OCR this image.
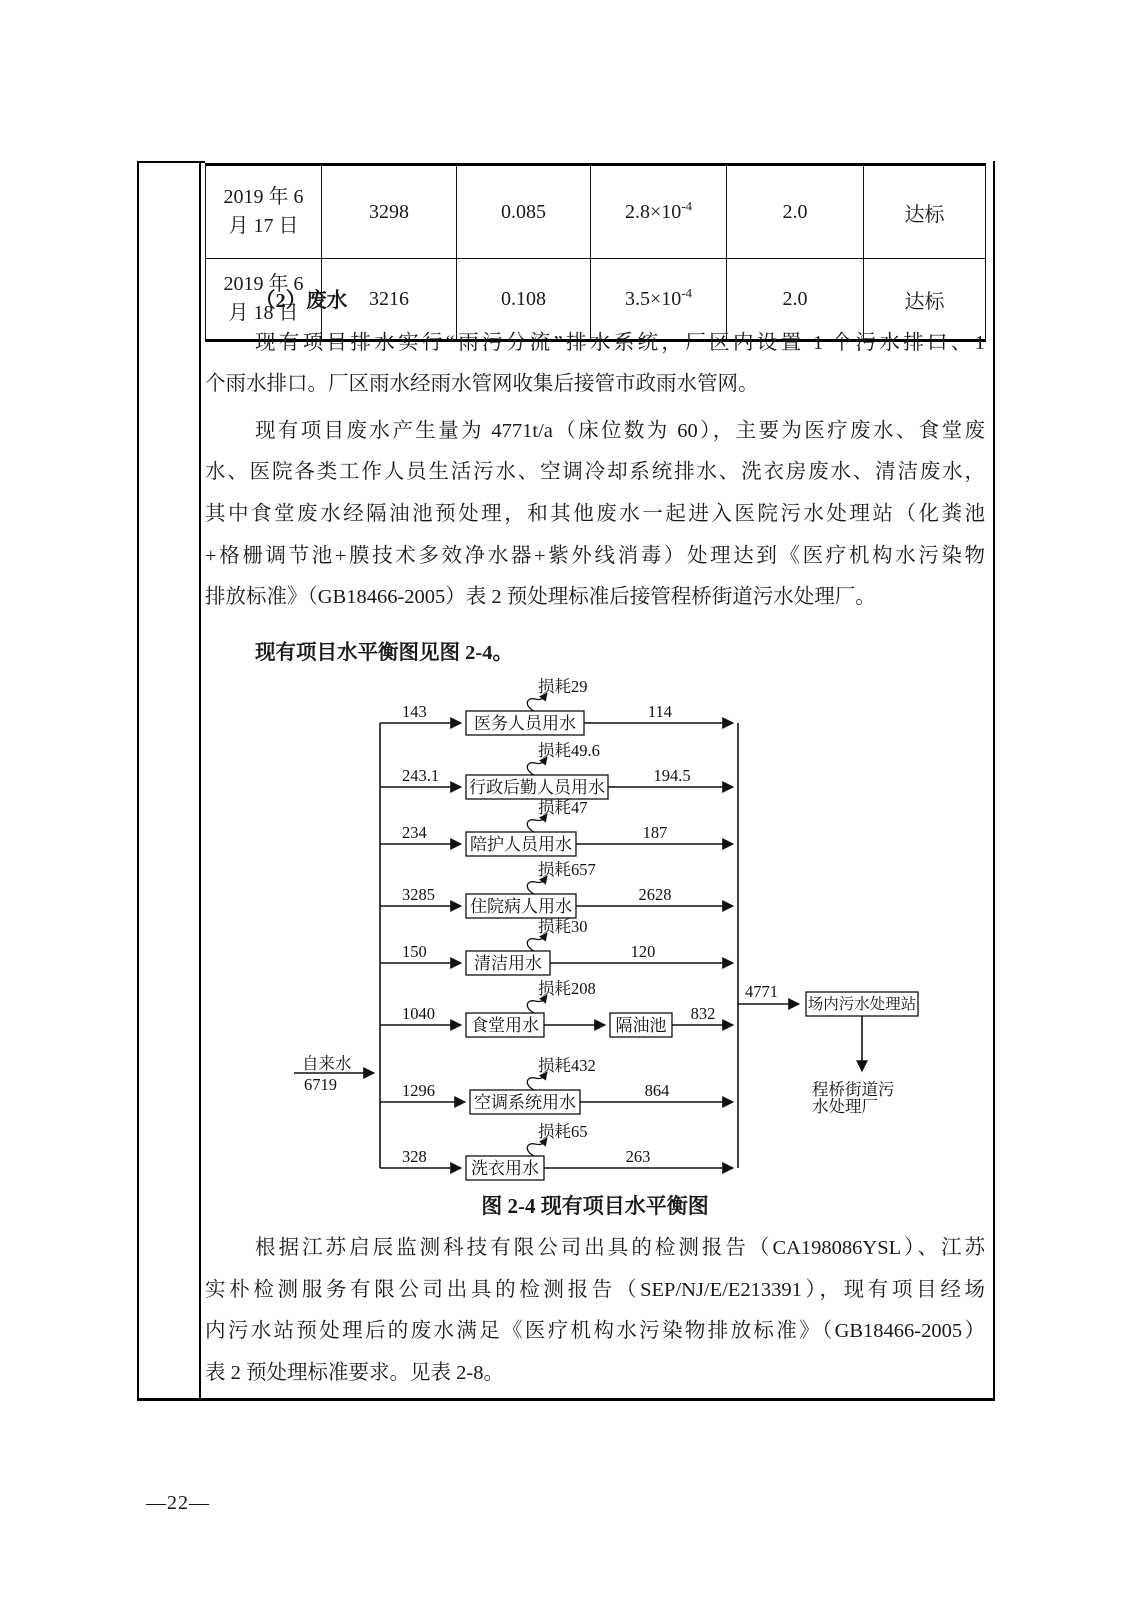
2019 年 6
月 17 日	3298	0.085	$2.8\times 10^{-4}$	2.0	达标

2019 年 6
月 18 日	3216	0.108	$3.5\times 10^{-4}$	2.0	达标
（2）废水
现有项目排水实行“雨污分流”排水系统，厂区内设置 1 个污水排口、1
个雨水排口。厂区雨水经雨水管网收集后接管市政雨水管网。
现有项目废水产生量为 4771t/a（床位数为 60），主要为医疗废水、食堂废
水、医院各类工作人员生活污水、空调冷却系统排水、洗衣房废水、清洁废水，
其中食堂废水经隔油池预处理，和其他废水一起进入医院污水处理站（化粪池
+格栅调节池+膜技术多效净水器+紫外线消毒）处理达到《医疗机构水污染物
排放标准》（GB18466-2005）表 2 预处理标准后接管程桥街道污水处理厂。
现有项目水平衡图见图 2-4。
自来水
6719
143
医务人员用水
114
损耗29
243.1
行政后勤人员用水
194.5
损耗49.6
234
陪护人员用水
187
损耗47
3285
住院病人用水
2628
损耗657
150
清洁用水
120
损耗30
1040
食堂用水	隔油池
832
损耗208
1296
空调系统用水
864
损耗432
328
洗衣用水
263
损耗65
4771
场内污水处理站
程桥街道污
水处理厂
图 2-4 现有项目水平衡图
根据江苏启辰监测科技有限公司出具的检测报告（CA198086YSL）、江苏
实朴检测服务有限公司出具的检测报告（SEP/NJ/E/E213391），现有项目经场
内污水站预处理后的废水满足《医疗机构水污染物排放标准》（GB18466-2005）
表 2 预处理标准要求。见表 2-8。
—22—
